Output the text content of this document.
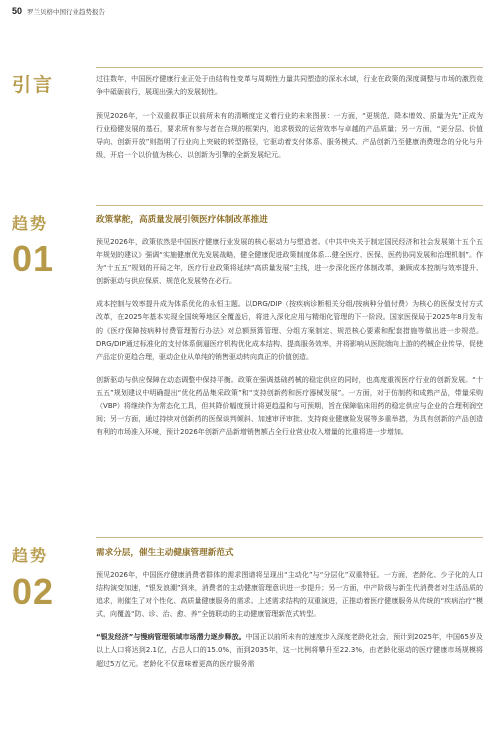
50 罗兰贝格中国行业趋势报告
引言	过往数年，中国医疗健康行业正处于由结构性变革与周期性力量共同塑造的深水水域，行业在政策的深度调整与市场的激烈竞争中砥砺前行，展现出强大的发展韧性。

预见2026年，一个双重叙事正以前所未有的清晰度定义着行业的未来图景：一方面，“更规范、降本增效、质量为先”正成为行业稳健发展的基石，要求所有参与者在合规的框架内，追求极致的运营效率与卓越的产品质量；另一方面，“更分层、价值导向、创新开放”则指明了行业向上突破的转型路径，它驱动着支付体系、服务模式、产品创新乃至健康消费理念的分化与升级，开启一个以价值为核心、以创新为引擎的全新发展纪元。

趋势
01

政策掌舵，高质量发展引领医疗体制改革推进

预见2026年，政策依然是中国医疗健康行业发展的核心驱动力与塑造者。《中共中央关于制定国民经济和社会发展第十五个五年规划的建议》强调“实施健康优先发展战略，健全健康促进政策制度体系…健全医疗、医保、医药协同发展和治理机制”。作为“十五五”规划的开局之年，医疗行业政策将延续“高质量发展”主线，进一步深化医疗体制改革，兼顾成本控制与效率提升、创新驱动与供应保质、规范化发展势在必行。

成本控制与效率提升成为体系优化的永恒主题。以DRG/DIP（按疾病诊断相关分组/按病种分值付费）为核心的医保支付方式改革，在2025年基本实现全国统筹地区全覆盖后，将进入深化应用与精细化管理的下一阶段。国家医保局于2025年8月发布的《医疗保障按病种付费管理暂行办法》对总额预算管理、分组方案制定、规范核心要素和配套措施等做出进一步规范。DRG/DIP通过标准化的支付体系倒逼医疗机构优化成本结构、提高服务效率，并将影响从医院端向上游的药械企业传导，促使产品定价更趋合理，驱动企业从单纯的销售驱动转向真正的价值创造。

创新驱动与供应保障在动态调整中保持平衡。政策在强调基础药械的稳定供应的同时，也高度重视医疗行业的创新发展。“十五五”规划建议中明确提出“优化药品集采政策”和“支持创新药和医疗器械发展”。一方面，对于仿制药和成熟产品，带量采购（VBP）将继续作为常态化工具，但其降价幅度预计将更趋温和与可预期，旨在保障临床用药的稳定供应与企业的合理利润空间；另一方面，通过持续对创新药的医保谈判倾斜、加速审评审批、支持商业健康险发展等多重举措，为具有创新的产品创造有利的市场准入环境，预计2026年创新产品新增销售额占全行业营业收入增量的比重将进一步增加。

趋势
02

需求分层，催生主动健康管理新范式

预见2026年，中国医疗健康消费者群体的需求图谱将呈现出“主动化”与“分层化”双重特征。一方面，老龄化、少子化的人口结构演变加速，“银发浪潮”到来，消费者的主动健康管理意识进一步提升；另一方面，中产阶级与新生代消费者对生活品质的追求，则催生了对个性化、高质量健康服务的需求。上述需求结构的双重演进，正推动着医疗健康服务从传统的“疾病治疗”模式，向覆盖“防、诊、治、愈、养”全链联动的主动健康管理新范式转型。

“银发经济”与慢病管理领域市场潜力逐步释放。中国正以前所未有的速度步入深度老龄化社会，预计到2025年，中国65岁及以上人口将达到2.1亿，占总人口的15.0%，而到2035年，这一比例将攀升至22.3%，由老龄化驱动的医疗健康市场规模将超过5万亿元。老龄化不仅意味着更高的医疗服务需
